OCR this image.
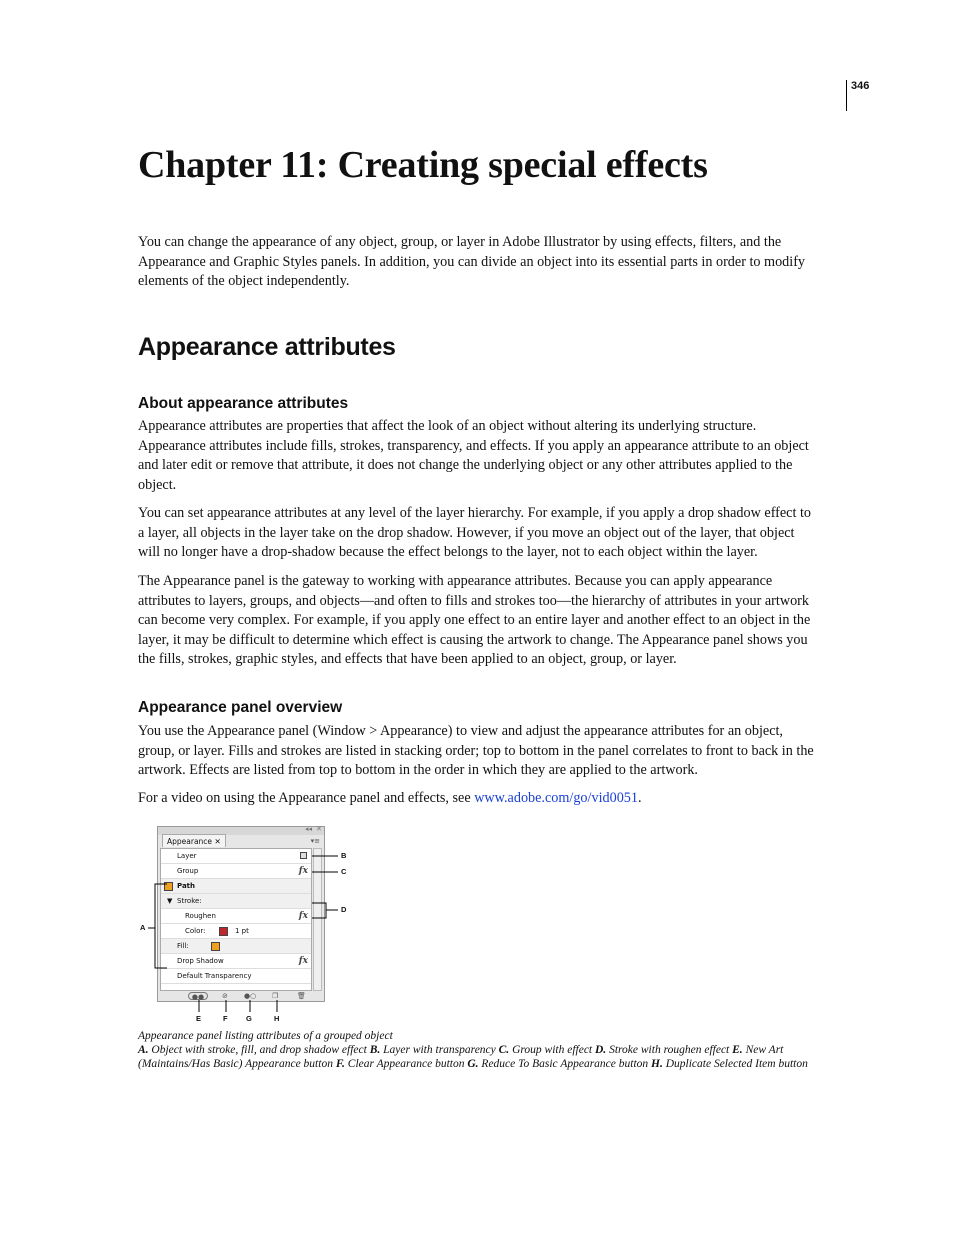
346
Chapter 11: Creating special effects

You can change the appearance of any object, group, or layer in Adobe Illustrator by using effects, filters, and the Appearance and Graphic Styles panels. In addition, you can divide an object into its essential parts in order to modify elements of the object independently.

Appearance attributes
About appearance attributes

Appearance attributes are properties that affect the look of an object without altering its underlying structure. Appearance attributes include fills, strokes, transparency, and effects. If you apply an appearance attribute to an object and later edit or remove that attribute, it does not change the underlying object or any other attributes applied to the object.

You can set appearance attributes at any level of the layer hierarchy. For example, if you apply a drop shadow effect to a layer, all objects in the layer take on the drop shadow. However, if you move an object out of the layer, that object will no longer have a drop-shadow because the effect belongs to the layer, not to each object within the layer.

The Appearance panel is the gateway to working with appearance attributes. Because you can apply appearance attributes to layers, groups, and objects—and often to fills and strokes too—the hierarchy of attributes in your artwork can become very complex. For example, if you apply one effect to an entire layer and another effect to an object in the layer, it may be difficult to determine which effect is causing the artwork to change. The Appearance panel shows you the fills, strokes, graphic styles, and effects that have been applied to an object, group, or layer.

Appearance panel overview

You use the Appearance panel (Window > Appearance) to view and adjust the appearance attributes for an object, group, or layer. Fills and strokes are listed in stacking order; top to bottom in the panel correlates to front to back in the artwork. Effects are listed from top to bottom in the order in which they are applied to the artwork.

For a video on using the Appearance panel and effects, see www.adobe.com/go/vid0051.

◂◂ ✕
Appearance ✕	▾≡
Layer
Group	fx
Path
▼ Stroke:
Roughen	fx
Color:	1 pt
Fill:
Drop Shadow	fx
Default Transparency
●●	⊘ ●○ ❐	🗑
A
B
C
D
E	F G	H

Appearance panel listing attributes of a grouped object
A. Object with stroke, fill, and drop shadow effect B. Layer with transparency C. Group with effect D. Stroke with roughen effect E. New Art (Maintains/Has Basic) Appearance button F. Clear Appearance button G. Reduce To Basic Appearance button H. Duplicate Selected Item button
